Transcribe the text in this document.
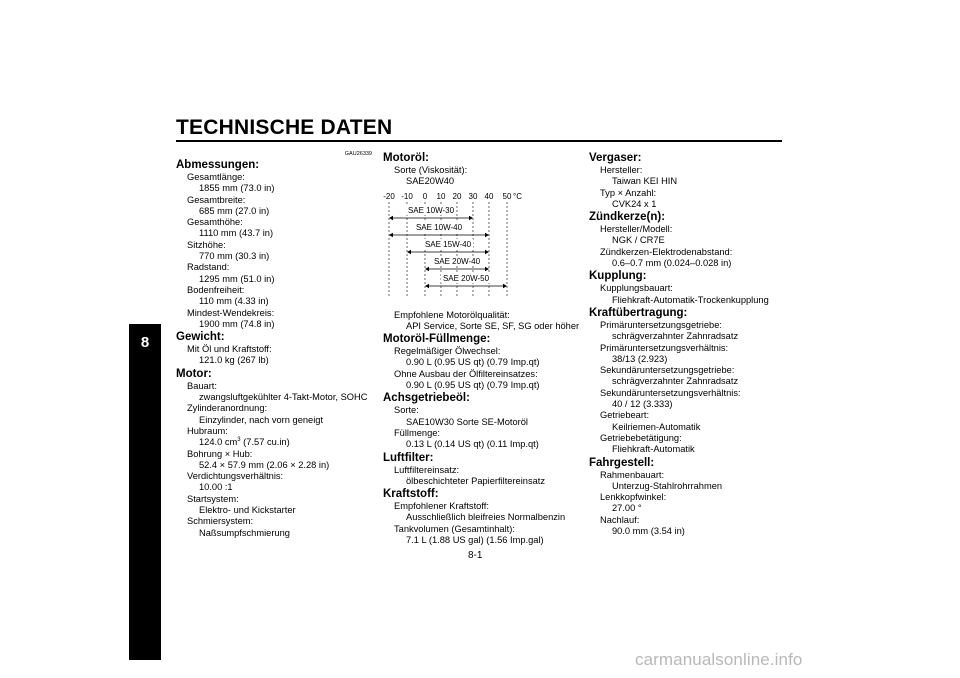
TECHNISCHE DATEN
8
GAU26339
Abmessungen:
Gesamtlänge:
1855 mm (73.0 in)
Gesamtbreite:
685 mm (27.0 in)
Gesamthöhe:
1110 mm (43.7 in)
Sitzhöhe:
770 mm (30.3 in)
Radstand:
1295 mm (51.0 in)
Bodenfreiheit:
110 mm (4.33 in)
Mindest-Wendekreis:
1900 mm (74.8 in)
Gewicht:
Mit Öl und Kraftstoff:
121.0 kg (267 lb)
Motor:
Bauart:
zwangsluftgekühlter 4-Takt-Motor, SOHC
Zylinderanordnung:
Einzylinder, nach vorn geneigt
Hubraum:
124.0 $cm^3$ (7.57 cu.in)
Bohrung × Hub:
52.4 × 57.9 mm (2.06 × 2.28 in)
Verdichtungsverhältnis:
10.00 :1
Startsystem:
Elektro- und Kickstarter
Schmiersystem:
Naßsumpfschmierung
Motoröl:
Sorte (Viskosität):
SAE20W40
-20 -10 0 10 20 30 40 50 °C
SAE 10W-30
SAE 10W-40
SAE 15W-40
SAE 20W-40
SAE 20W-50
Empfohlene Motorölqualität:
API Service, Sorte SE, SF, SG oder höher
Motoröl-Füllmenge:
Regelmäßiger Ölwechsel:
0.90 L (0.95 US qt) (0.79 Imp.qt)
Ohne Ausbau der Ölfiltereinsatzes:
0.90 L (0.95 US qt) (0.79 Imp.qt)
Achsgetriebeöl:
Sorte:
SAE10W30 Sorte SE-Motoröl
Füllmenge:
0.13 L (0.14 US qt) (0.11 Imp.qt)
Luftfilter:
Luftfiltereinsatz:
ölbeschichteter Papierfiltereinsatz
Kraftstoff:
Empfohlener Kraftstoff:
Ausschließlich bleifreies Normalbenzin
Tankvolumen (Gesamtinhalt):
7.1 L (1.88 US gal) (1.56 Imp.gal)
Vergaser:
Hersteller:
Taiwan KEI HIN
Typ × Anzahl:
CVK24 x 1
Zündkerze(n):
Hersteller/Modell:
NGK / CR7E
Zündkerzen-Elektrodenabstand:
0.6–0.7 mm (0.024–0.028 in)
Kupplung:
Kupplungsbauart:
Fliehkraft-Automatik-Trockenkupplung
Kraftübertragung:
Primäruntersetzungsgetriebe:
schrägverzahnter Zahnradsatz
Primäruntersetzungsverhältnis:
38/13 (2.923)
Sekundäruntersetzungsgetriebe:
schrägverzahnter Zahnradsatz
Sekundäruntersetzungsverhältnis:
40 / 12 (3.333)
Getriebeart:
Keilriemen-Automatik
Getriebebetätigung:
Fliehkraft-Automatik
Fahrgestell:
Rahmenbauart:
Unterzug-Stahlrohrrahmen
Lenkkopfwinkel:
27.00 °
Nachlauf:
90.0 mm (3.54 in)
8-1
carmanualsonline.info
